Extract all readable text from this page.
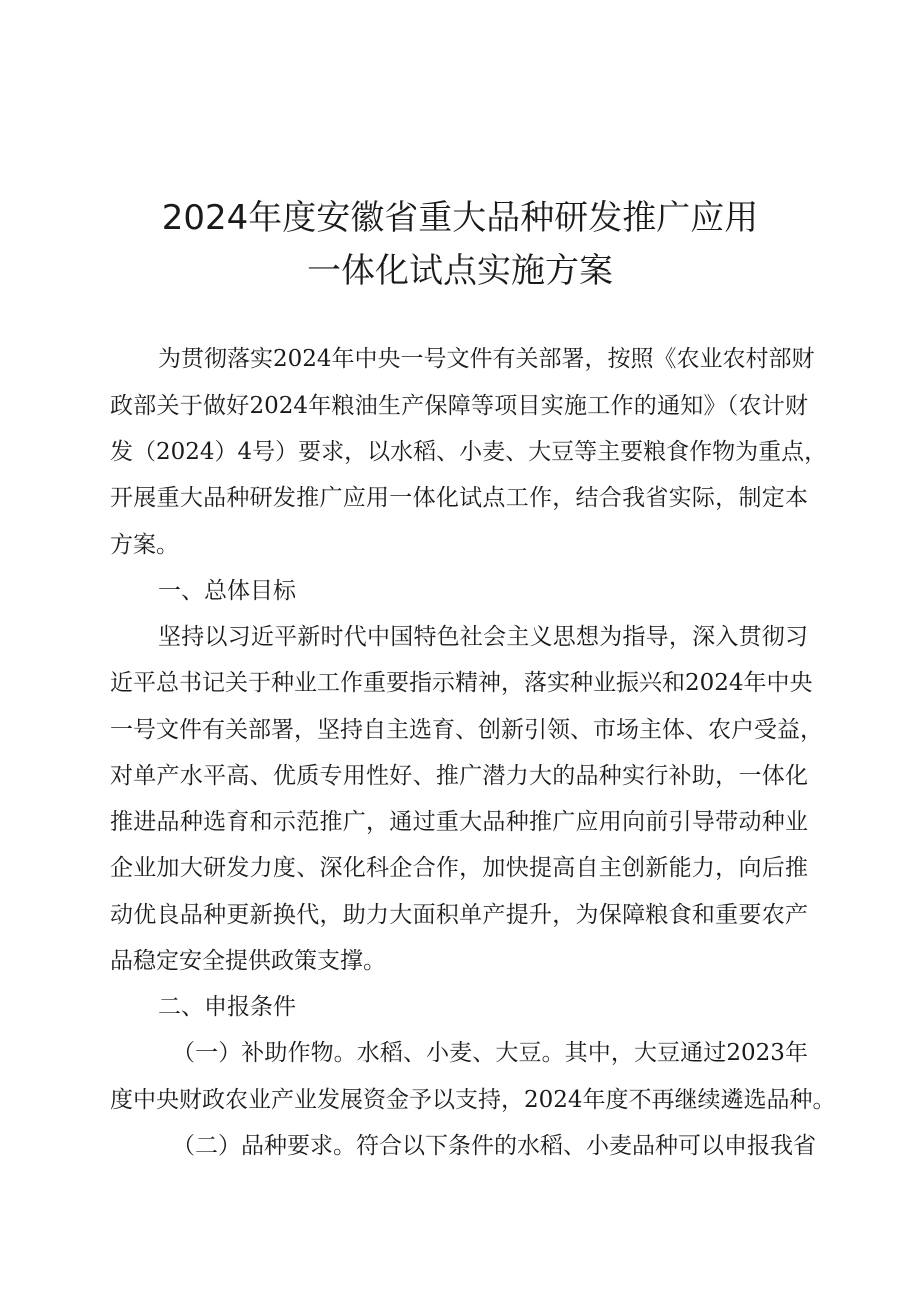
2024年度安徽省重大品种研发推广应用
一体化试点实施方案

为贯彻落实2024年中央一号文件有关部署，按照《农业农村部财

政部关于做好2024年粮油生产保障等项目实施工作的通知》（农计财

发（2024）4号）要求，以水稻、小麦、大豆等主要粮食作物为重点，

开展重大品种研发推广应用一体化试点工作，结合我省实际，制定本

方案。

一、总体目标

坚持以习近平新时代中国特色社会主义思想为指导，深入贯彻习

近平总书记关于种业工作重要指示精神，落实种业振兴和2024年中央

一号文件有关部署，坚持自主选育、创新引领、市场主体、农户受益，

对单产水平高、优质专用性好、推广潜力大的品种实行补助，一体化

推进品种选育和示范推广，通过重大品种推广应用向前引导带动种业

企业加大研发力度、深化科企合作，加快提高自主创新能力，向后推

动优良品种更新换代，助力大面积单产提升，为保障粮食和重要农产

品稳定安全提供政策支撑。

二、申报条件

（一）补助作物。水稻、小麦、大豆。其中，大豆通过2023年

度中央财政农业产业发展资金予以支持，2024年度不再继续遴选品种。

（二）品种要求。符合以下条件的水稻、小麦品种可以申报我省
